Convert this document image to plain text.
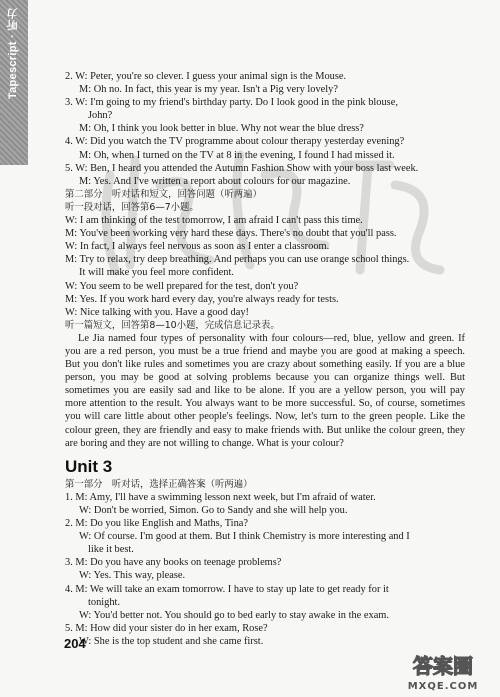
Tapescript · 听力	2. W: Peter, you're so clever. I guess your animal sign is the Mouse.
M: Oh no. In fact, this year is my year. Isn't a Pig very lovely?
3. W: I'm going to my friend's birthday party. Do I look good in the pink blouse,
John?
M: Oh, I think you look better in blue. Why not wear the blue dress?
4. W: Did you watch the TV programme about colour therapy yesterday evening?
M: Oh, when I turned on the TV at 8 in the evening, I found I had missed it.
5. W: Ben, I heard you attended the Autumn Fashion Show with your boss last week.
M: Yes. And I've written a report about colours for our magazine.
第二部分　听对话和短文，回答问题（听两遍）
听一段对话，回答第6—7小题。
W: I am thinking of the test tomorrow, I am afraid I can't pass this time.
M: You've been working very hard these days. There's no doubt that you'll pass.
W: In fact, I always feel nervous as soon as I enter a classroom.
M: Try to relax, try deep breathing. And perhaps you can use orange school things.
It will make you feel more confident.
W: You seem to be well prepared for the test, don't you?
M: Yes. If you work hard every day, you're always ready for tests.
W: Nice talking with you. Have a good day!
听一篇短文，回答第8—10小题，完成信息记录表。
Le Jia named four types of personality with four colours—red, blue, yellow and green. If you are a red person, you must be a true friend and maybe you are good at making a speech. But you don't like rules and sometimes you are crazy about something easily. If you are a blue person, you may be good at solving problems because you can organize things well. But sometimes you are easily sad and like to be alone. If you are a yellow person, you will pay more attention to the result. You always want to be more successful. So, of course, sometimes you will care little about other people's feelings. Now, let's turn to the green people. Like the colour green, they are friendly and easy to make friends with. But unlike the colour green, they are boring and they are not willing to change. What is your colour?
Unit 3
第一部分　听对话，选择正确答案（听两遍）
1. M: Amy, I'll have a swimming lesson next week, but I'm afraid of water.
W: Don't be worried, Simon. Go to Sandy and she will help you.
2. M: Do you like English and Maths, Tina?
W: Of course. I'm good at them. But I think Chemistry is more interesting and I
like it best.
3. M: Do you have any books on teenage problems?
W: Yes. This way, please.
4. M: We will take an exam tomorrow. I have to stay up late to get ready for it
tonight.
W: You'd better not. You should go to bed early to stay awake in the exam.
5. M: How did your sister do in her exam, Rose?
W: She is the top student and she came first.
204
答案圈
MXQE.COM
